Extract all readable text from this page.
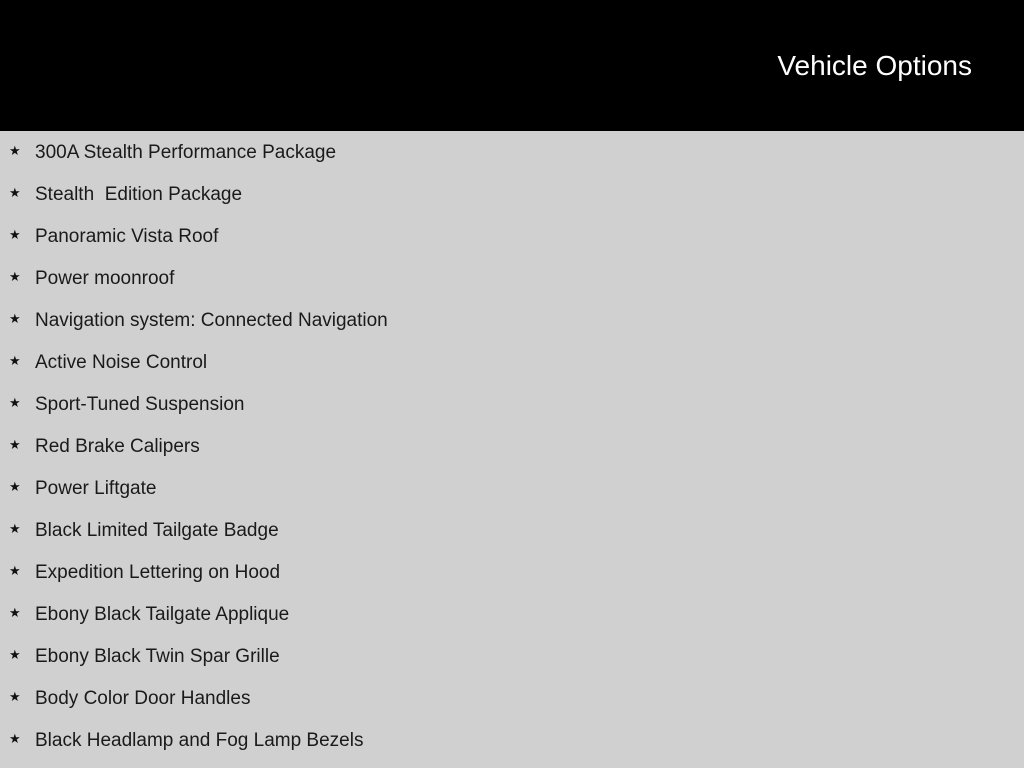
Vehicle Options
★ 300A Stealth Performance Package
★ Stealth  Edition Package
★ Panoramic Vista Roof
★ Power moonroof
★ Navigation system: Connected Navigation
★ Active Noise Control
★ Sport-Tuned Suspension
★ Red Brake Calipers
★ Power Liftgate
★ Black Limited Tailgate Badge
★ Expedition Lettering on Hood
★ Ebony Black Tailgate Applique
★ Ebony Black Twin Spar Grille
★ Body Color Door Handles
★ Black Headlamp and Fog Lamp Bezels
